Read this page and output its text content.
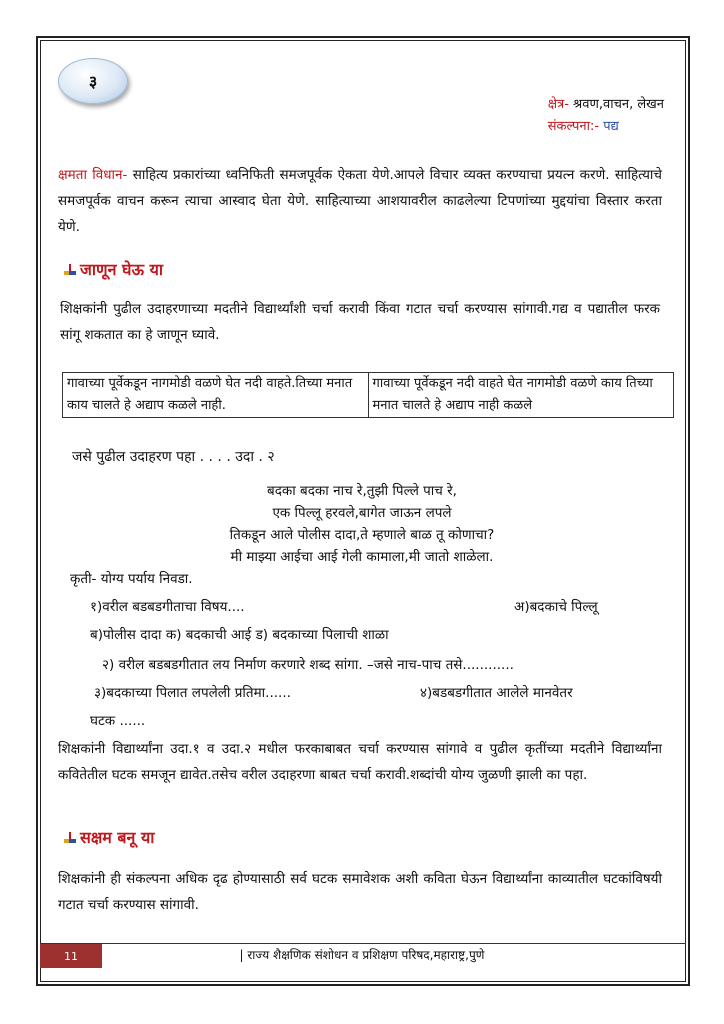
३
क्षेत्र- श्रवण,वाचन, लेखन
संकल्पना:- पद्य
क्षमता विधान- साहित्य प्रकारांच्या ध्वनिफिती समजपूर्वक ऐकता येणे.आपले विचार व्यक्त करण्याचा प्रयत्न करणे. साहित्याचे समजपूर्वक वाचन करून त्याचा आस्वाद घेता येणे. साहित्याच्या आशयावरील काढलेल्या टिपणांच्या मुद्दयांचा विस्तार करता येणे.
जाणून घेऊ या
शिक्षकांनी पुढील उदाहरणाच्या मदतीने विद्यार्थ्यांशी चर्चा करावी किंवा गटात चर्चा करण्यास सांगावी.गद्य व पद्यातील फरक सांगू शकतात का हे जाणून घ्यावे.
गावाच्या पूर्वेकडून नागमोडी वळणे घेत नदी वाहते.तिच्या मनात काय चालते हे अद्याप कळले नाही.	गावाच्या पूर्वेकडून नदी वाहते घेत नागमोडी वळणे काय तिच्या मनात चालते हे अद्याप नाही कळले
जसे पुढील उदाहरण पहा . . . . उदा . २
बदका बदका नाच रे,तुझी पिल्ले पाच रे,
एक पिल्लू हरवले,बागेत जाऊन लपले
तिकडून आले पोलीस दादा,ते म्हणाले बाळ तू कोणाचा?
मी माझ्या आईचा आई गेली कामाला,मी जातो शाळेला.
कृती- योग्य पर्याय निवडा.
१)वरील बडबडगीताचा विषय....	अ)बदकाचे पिल्लू
ब)पोलीस दादा क) बदकाची आई ड) बदकाच्या पिलाची शाळा
२) वरील बडबडगीतात लय निर्माण करणारे शब्द सांगा. –जसे नाच-पाच तसे............
३)बदकाच्या पिलात लपलेली प्रतिमा......	४)बडबडगीतात आलेले मानवेतर
घटक ......
शिक्षकांनी विद्यार्थ्यांना उदा.१ व उदा.२ मधील फरकाबाबत चर्चा करण्यास सांगावे व पुढील कृतींच्या मदतीने विद्यार्थ्यांना कवितेतील घटक समजून द्यावेत.तसेच वरील उदाहरणा बाबत चर्चा करावी.शब्दांची योग्य जुळणी झाली का पहा.
सक्षम बनू या
शिक्षकांनी ही संकल्पना अधिक दृढ होण्यासाठी सर्व घटक समावेशक अशी कविता घेऊन विद्यार्थ्यांना काव्यातील घटकांविषयी गटात चर्चा करण्यास सांगावी.
11	| राज्य शैक्षणिक संशोधन व प्रशिक्षण परिषद,महाराष्ट्र,पुणे
